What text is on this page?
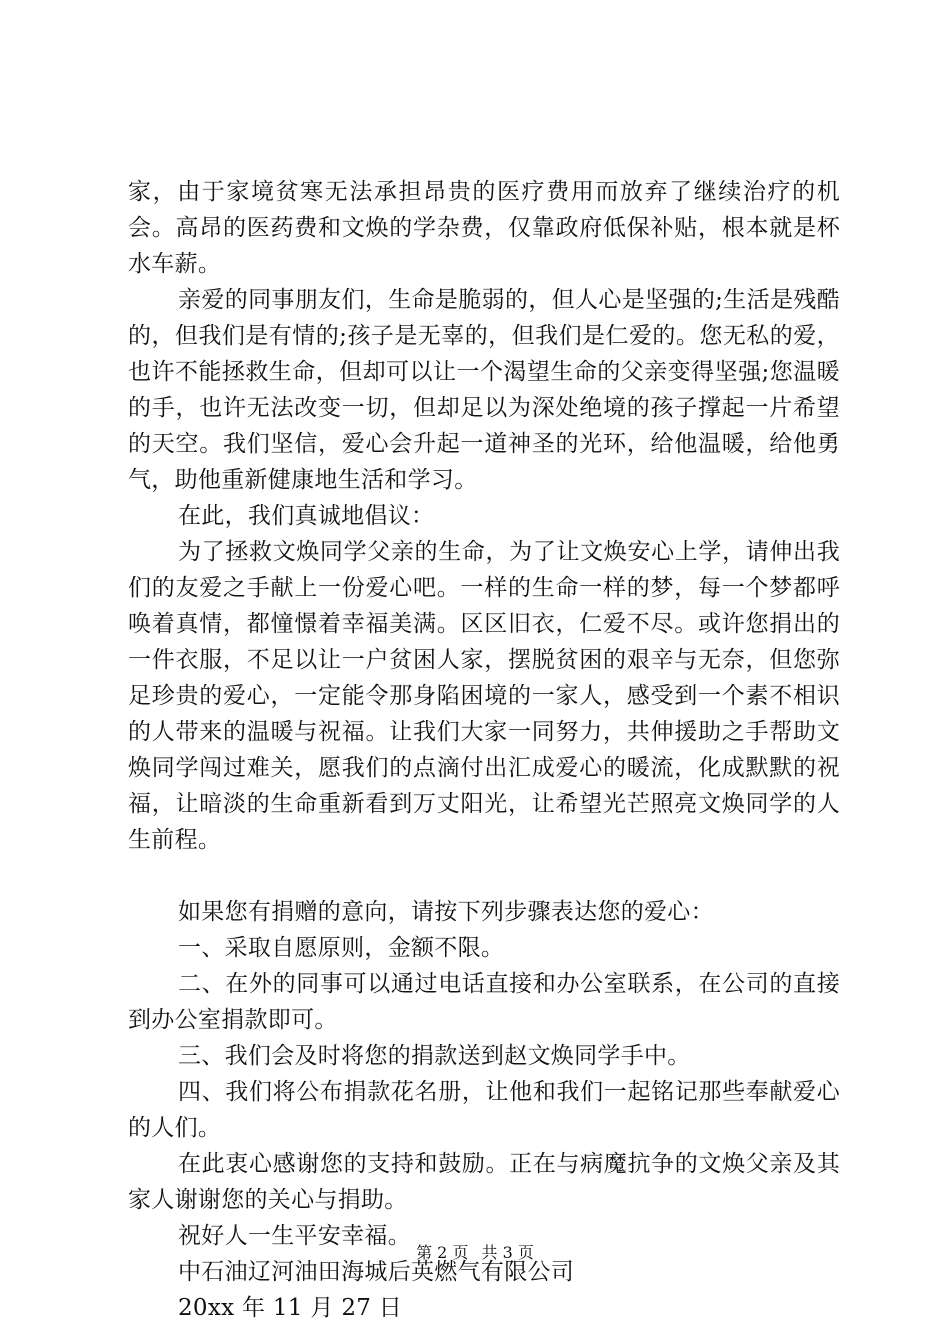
家，由于家境贫寒无法承担昂贵的医疗费用而放弃了继续治疗的机会。高昂的医药费和文焕的学杂费，仅靠政府低保补贴，根本就是杯水车薪。

亲爱的同事朋友们，生命是脆弱的，但人心是坚强的;生活是残酷的，但我们是有情的;孩子是无辜的，但我们是仁爱的。您无私的爱，也许不能拯救生命，但却可以让一个渴望生命的父亲变得坚强;您温暖的手，也许无法改变一切，但却足以为深处绝境的孩子撑起一片希望的天空。我们坚信，爱心会升起一道神圣的光环，给他温暖，给他勇气，助他重新健康地生活和学习。

在此，我们真诚地倡议：

为了拯救文焕同学父亲的生命，为了让文焕安心上学，请伸出我们的友爱之手献上一份爱心吧。一样的生命一样的梦，每一个梦都呼唤着真情，都憧憬着幸福美满。区区旧衣，仁爱不尽。或许您捐出的一件衣服，不足以让一户贫困人家，摆脱贫困的艰辛与无奈，但您弥足珍贵的爱心，一定能令那身陷困境的一家人，感受到一个素不相识的人带来的温暖与祝福。让我们大家一同努力，共伸援助之手帮助文焕同学闯过难关，愿我们的点滴付出汇成爱心的暖流，化成默默的祝福，让暗淡的生命重新看到万丈阳光，让希望光芒照亮文焕同学的人生前程。

如果您有捐赠的意向，请按下列步骤表达您的爱心：

一、采取自愿原则，金额不限。

二、在外的同事可以通过电话直接和办公室联系，在公司的直接到办公室捐款即可。

三、我们会及时将您的捐款送到赵文焕同学手中。

四、我们将公布捐款花名册，让他和我们一起铭记那些奉献爱心的人们。

在此衷心感谢您的支持和鼓励。正在与病魔抗争的文焕父亲及其家人谢谢您的关心与捐助。

祝好人一生平安幸福。

中石油辽河油田海城后英燃气有限公司

20xx 年 11 月 27 日

第 2 页 共 3 页
